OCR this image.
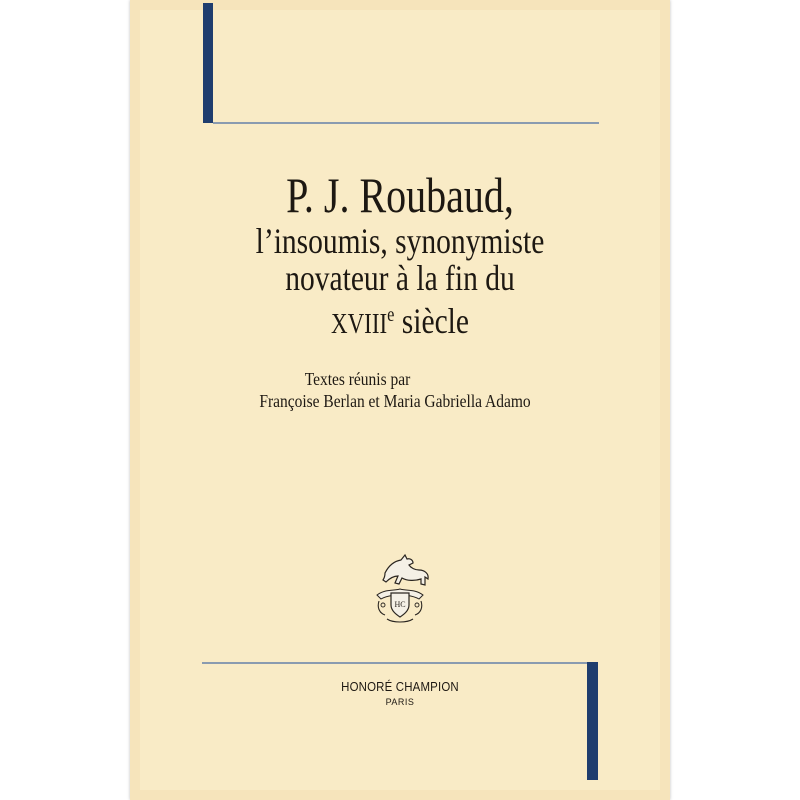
P. J. Roubaud,
l’insoumis, synonymiste
novateur à la fin du
XVIIIe siècle
Textes réunis par
Françoise Berlan et Maria Gabriella Adamo
HC
HONORÉ CHAMPION
PARIS
